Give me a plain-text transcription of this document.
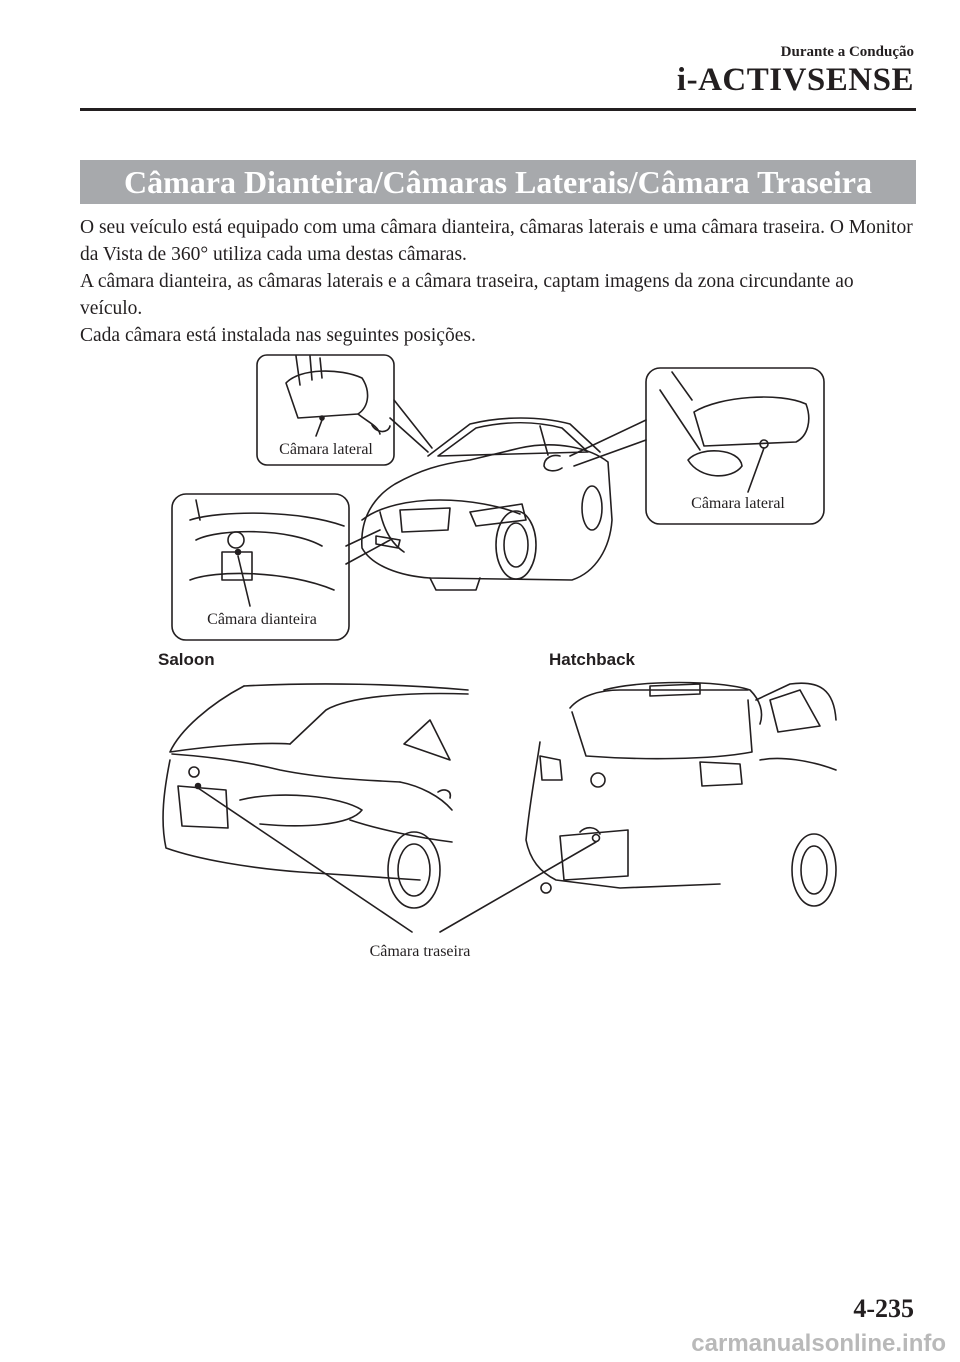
Durante a Condução
i-ACTIVSENSE
Câmara Dianteira/Câmaras Laterais/Câmara Traseira

O seu veículo está equipado com uma câmara dianteira, câmaras laterais e uma câmara traseira. O Monitor da Vista de 360° utiliza cada uma destas câmaras.

A câmara dianteira, as câmaras laterais e a câmara traseira, captam imagens da zona circundante ao veículo.

Cada câmara está instalada nas seguintes posições.

Câmara lateral
Câmara lateral
Câmara dianteira
Saloon	Hatchback
Câmara traseira
4-235
carmanualsonline.info
